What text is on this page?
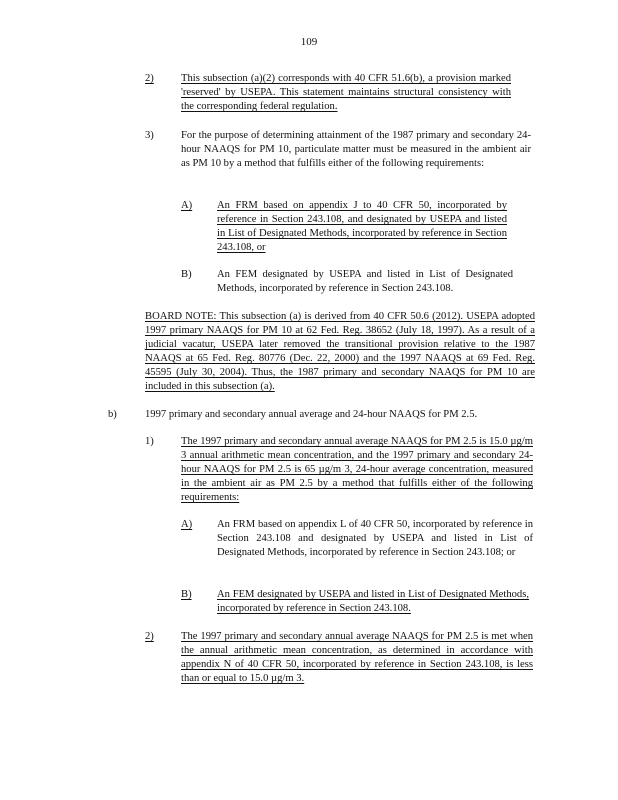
109
2)	This subsection (a)(2) corresponds with 40 CFR 51.6(b), a provision marked 'reserved' by USEPA. This statement maintains structural consistency with the corresponding federal regulation.

3)	For the purpose of determining attainment of the 1987 primary and secondary 24-hour NAAQS for PM 10, particulate matter must be measured in the ambient air as PM 10 by a method that fulfills either of the following requirements:

A) An FRM based on appendix J to 40 CFR 50, incorporated by reference in Section 243.108, and designated by USEPA and listed in List of Designated Methods, incorporated by reference in Section 243.108, or

B) An FEM designated by USEPA and listed in List of Designated Methods, incorporated by reference in Section 243.108.

BOARD NOTE: This subsection (a) is derived from 40 CFR 50.6 (2012). USEPA adopted 1997 primary NAAQS for PM 10 at 62 Fed. Reg. 38652 (July 18, 1997). As a result of a judicial vacatur, USEPA later removed the transitional provision relative to the 1987 NAAQS at 65 Fed. Reg. 80776 (Dec. 22, 2000) and the 1997 NAAQS at 69 Fed. Reg. 45595 (July 30, 2004). Thus, the 1987 primary and secondary NAAQS for PM 10 are included in this subsection (a).

b)	1997 primary and secondary annual average and 24-hour NAAQS for PM 2.5.

1)	The 1997 primary and secondary annual average NAAQS for PM 2.5 is 15.0 µg/m 3 annual arithmetic mean concentration, and the 1997 primary and secondary 24-hour NAAQS for PM 2.5 is 65 µg/m 3, 24-hour average concentration, measured in the ambient air as PM 2.5 by a method that fulfills either of the following requirements:

A) An FRM based on appendix L of 40 CFR 50, incorporated by reference in Section 243.108 and designated by USEPA and listed in List of Designated Methods, incorporated by reference in Section 243.108; or

B) An FEM designated by USEPA and listed in List of Designated Methods, incorporated by reference in Section 243.108.

2)	The 1997 primary and secondary annual average NAAQS for PM 2.5 is met when the annual arithmetic mean concentration, as determined in accordance with appendix N of 40 CFR 50, incorporated by reference in Section 243.108, is less than or equal to 15.0 µg/m 3.
